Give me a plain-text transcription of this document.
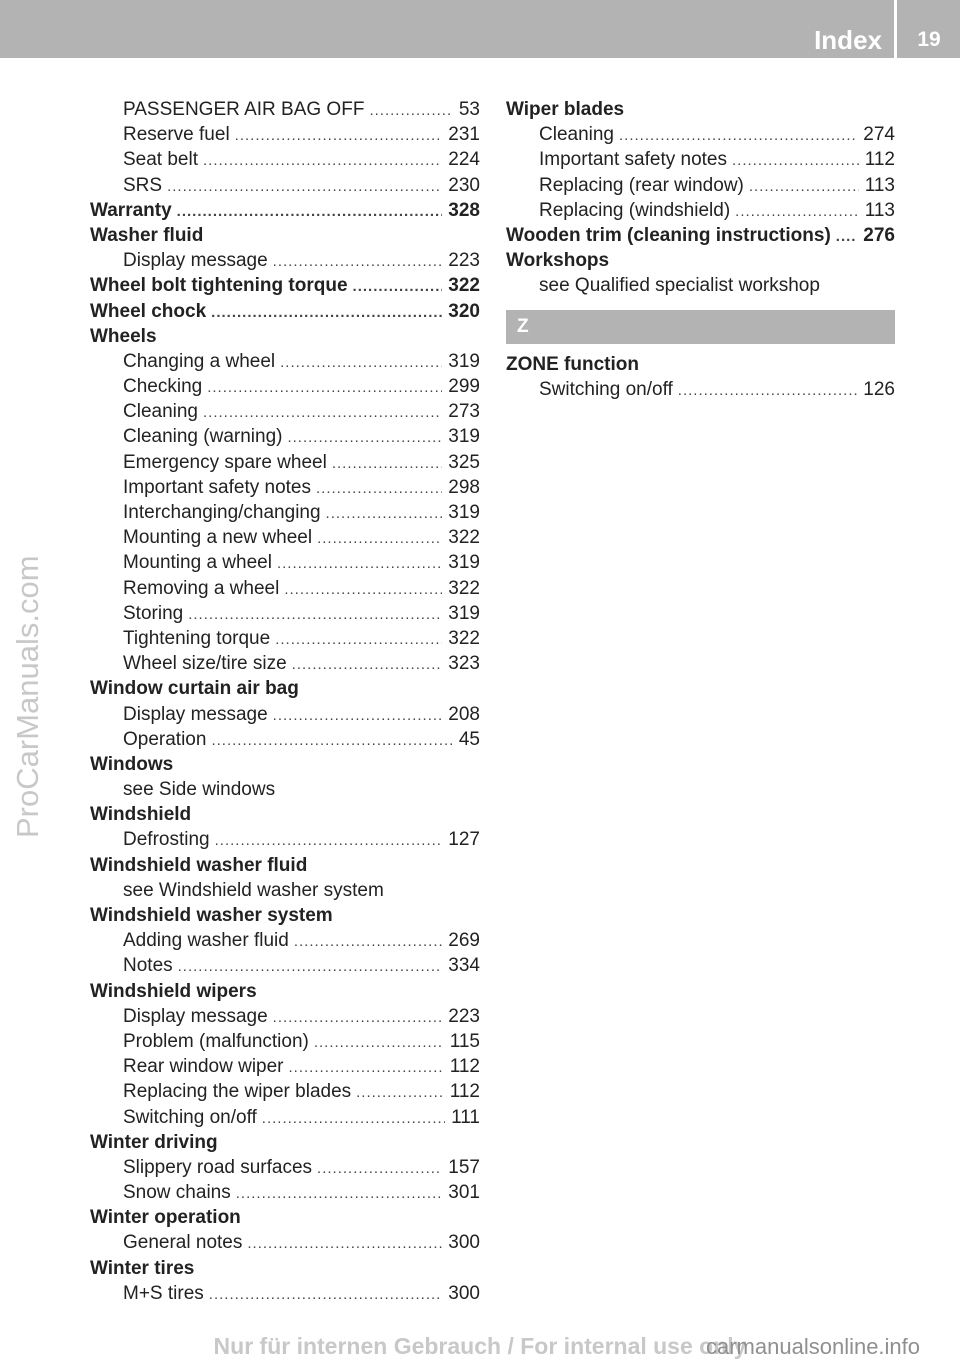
Index	19
PASSENGER AIR BAG OFF .....	53
Reserve fuel .....	231
Seat belt .....	224
SRS .....	230
Warranty .....	328
Washer fluid
Display message .....	223
Wheel bolt tightening torque .....	322
Wheel chock .....	320
Wheels
Changing a wheel .....	319
Checking .....	299
Cleaning .....	273
Cleaning (warning) .....	319
Emergency spare wheel .....	325
Important safety notes .....	298
Interchanging/changing .....	319
Mounting a new wheel .....	322
Mounting a wheel .....	319
Removing a wheel .....	322
Storing .....	319
Tightening torque .....	322
Wheel size/tire size .....	323
Window curtain air bag
Display message .....	208
Operation .....	45
Windows
see Side windows
Windshield
Defrosting .....	127
Windshield washer fluid
see Windshield washer system
Windshield washer system
Adding washer fluid .....	269
Notes .....	334
Windshield wipers
Display message .....	223
Problem (malfunction) .....	115
Rear window wiper .....	112
Replacing the wiper blades .....	112
Switching on/off .....	111
Winter driving
Slippery road surfaces .....	157
Snow chains .....	301
Winter operation
General notes .....	300
Winter tires
M+S tires .....	300
Wiper blades
Cleaning .....	274
Important safety notes .....	112
Replacing (rear window) .....	113
Replacing (windshield) .....	113
Wooden trim (cleaning instructions) ..... 276
Workshops
see Qualified specialist workshop
Z
ZONE function
Switching on/off .....	126
ProCarManuals.com
Nur für internen Gebrauch / For internal use only
carmanualsonline.info
